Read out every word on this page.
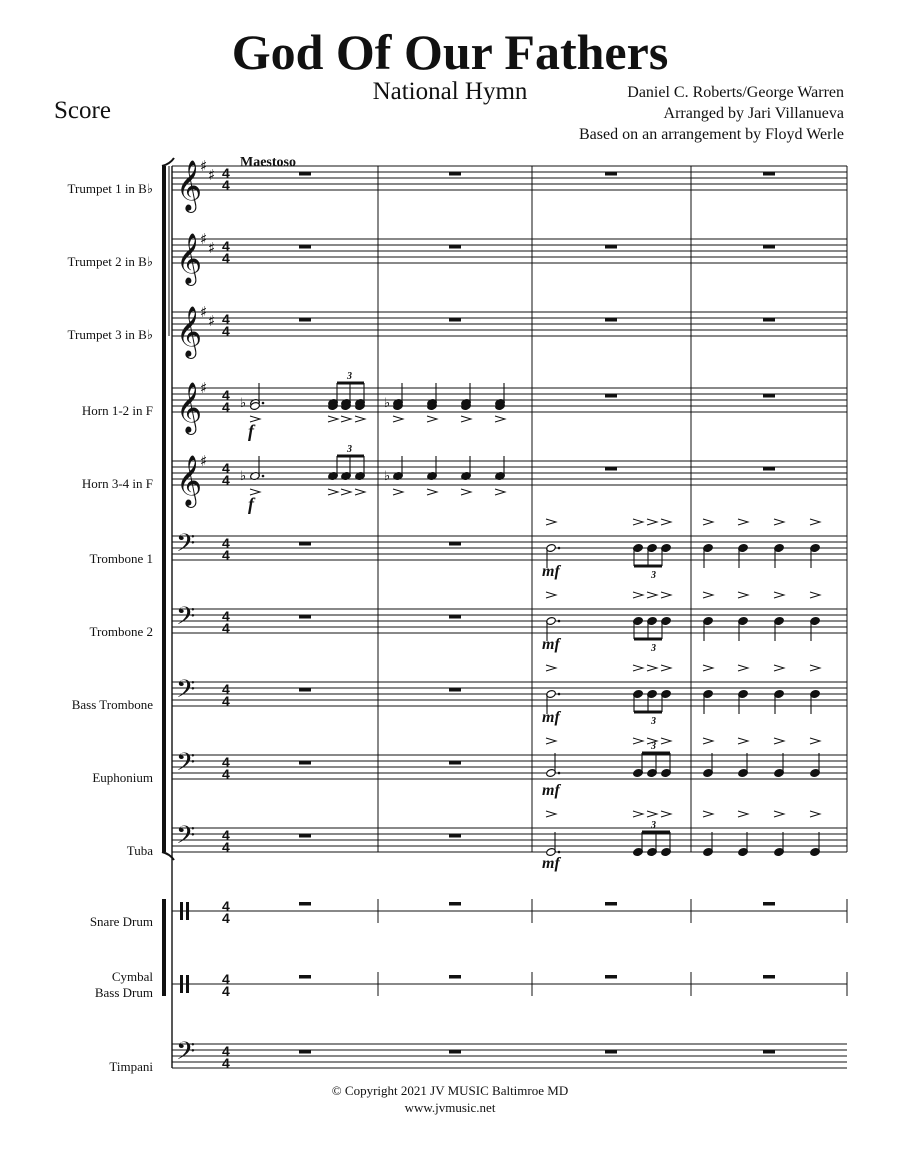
God Of Our Fathers
National Hymn
Score
Daniel C. Roberts/George Warren
Arranged by Jari Villanueva
Based on an arrangement by Floyd Werle
Maestoso
Trumpet 1 in B♭
Trumpet 2 in B♭
Trumpet 3 in B♭
Horn 1-2 in F
Horn 3-4 in F
Trombone 1
Trombone 2
Bass Trombone
Euphonium
Tuba
Snare Drum
Cymbal
Bass Drum
Timpani
𝄞
♯ ♯ 4
4
𝄞
♯ ♯ 4
4
𝄞
♯ ♯ 4
4
𝄞
♯ 4
4
𝄞
♯ 4
4
𝄢 4
4
𝄢 4
4
𝄢 4
4
𝄢 4
4
𝄢 4
4
4
4
4
4
𝄢 4
4
♭
f
3
♭
♭
f
3
♭
mf	3
mf	3
mf	3
mf
3
mf
3
© Copyright 2021 JV MUSIC Baltimroe MD
www.jvmusic.net
